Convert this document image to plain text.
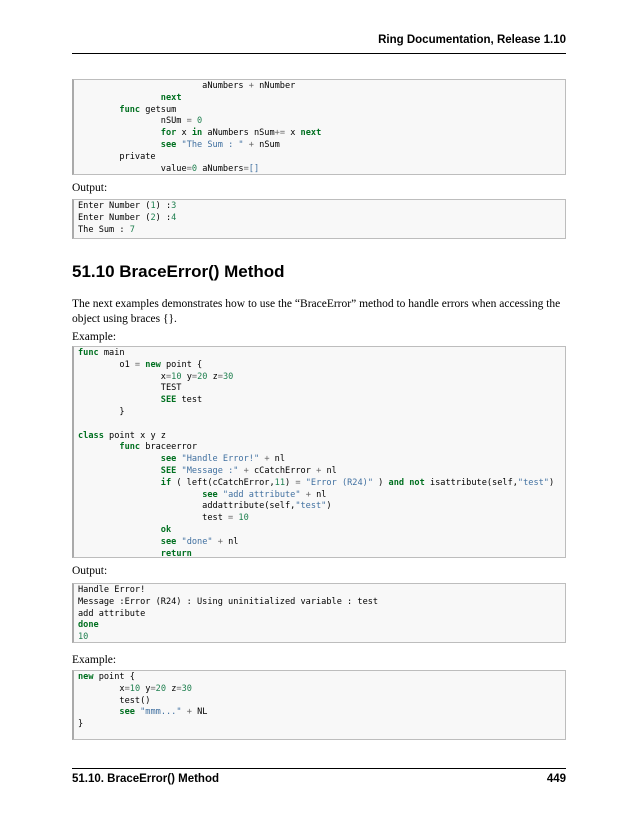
Ring Documentation, Release 1.10
aNumbers + nNumber
next
func getsum
nSUm = 0
for x in aNumbers nSum+= x next
see "The Sum : " + nSum
private
value=0 aNumbers=[]
Output:
Enter Number (1) :3
Enter Number (2) :4
The Sum : 7
51.10 BraceError() Method
The next examples demonstrates how to use the “BraceError” method to handle errors when accessing the object using braces {}.
Example:
func main
o1 = new point {
x=10 y=20 z=30
TEST
SEE test
}
class point x y z
func braceerror
see "Handle Error!" + nl
SEE "Message :" + cCatchError + nl
if ( left(cCatchError,11) = "Error (R24)" ) and not isattribute(self,"test")
see "add attribute" + nl
addattribute(self,"test")
test = 10
ok
see "done" + nl
return
Output:
Handle Error!
Message :Error (R24) : Using uninitialized variable : test
add attribute
done
10
Example:
new point {
x=10 y=20 z=30
test()
see "mmm..." + NL
}
51.10. BraceError() Method	449
